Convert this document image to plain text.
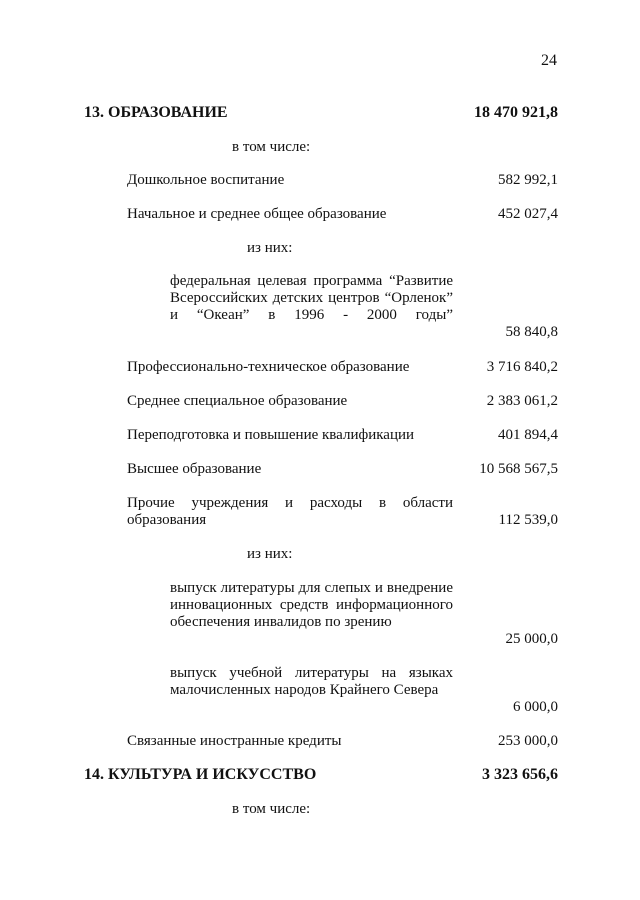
24
13. ОБРАЗОВАНИЕ	18 470 921,8
в том числе:
Дошкольное воспитание	582 992,1
Начальное и среднее общее образование	452 027,4
из них:
федеральная целевая программа “Развитие Всероссийских детских центров “Орленок” и “Океан” в 1996 - 2000 годы”
58 840,8
Профессионально-техническое образование	3 716 840,2
Среднее специальное образование	2 383 061,2
Переподготовка и повышение квалификации	401 894,4
Высшее образование	10 568 567,5
Прочие учреждения и расходы в области образования	112 539,0
из них:
выпуск литературы для слепых и внедрение инновационных средств информационного обеспечения инвалидов по зрению
25 000,0
выпуск учебной литературы на языках малочисленных народов Крайнего Севера
6 000,0
Связанные иностранные кредиты	253 000,0
14. КУЛЬТУРА И ИСКУССТВО	3 323 656,6
в том числе:
